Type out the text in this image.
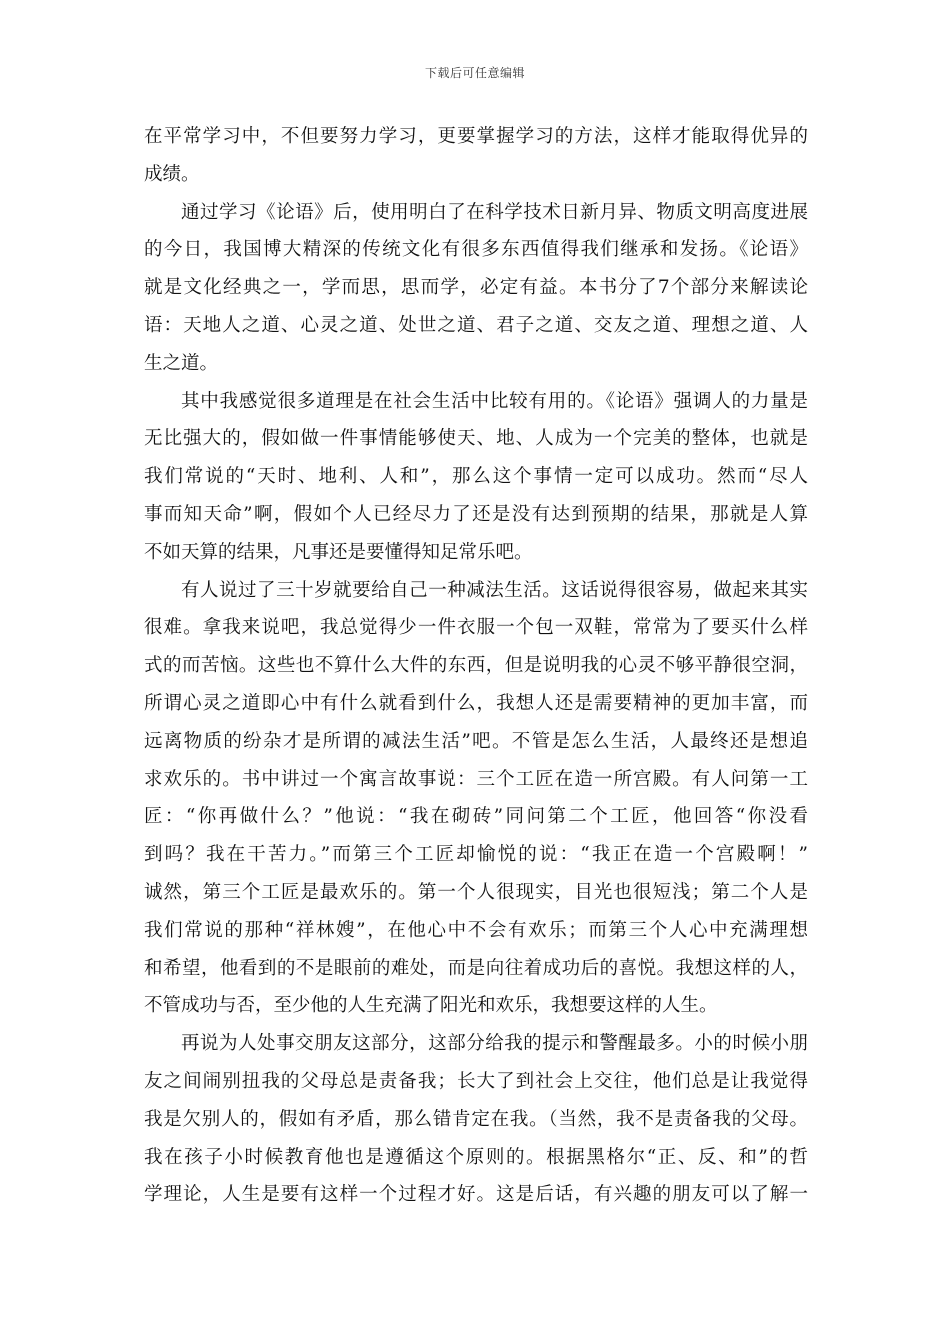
下载后可任意编辑
在平常学习中，不但要努力学习，更要掌握学习的方法，这样才能取得优异的
成绩。
通过学习《论语》后，使用明白了在科学技术日新月异、物质文明高度进展
的今日，我国博大精深的传统文化有很多东西值得我们继承和发扬。《论语》
就是文化经典之一，学而思，思而学，必定有益。本书分了7个部分来解读论
语：天地人之道、心灵之道、处世之道、君子之道、交友之道、理想之道、人
生之道。
其中我感觉很多道理是在社会生活中比较有用的。《论语》强调人的力量是
无比强大的，假如做一件事情能够使天、地、人成为一个完美的整体，也就是
我们常说的“天时、地利、人和”，那么这个事情一定可以成功。然而“尽人
事而知天命”啊，假如个人已经尽力了还是没有达到预期的结果，那就是人算
不如天算的结果，凡事还是要懂得知足常乐吧。
有人说过了三十岁就要给自己一种减法生活。这话说得很容易，做起来其实
很难。拿我来说吧，我总觉得少一件衣服一个包一双鞋，常常为了要买什么样
式的而苦恼。这些也不算什么大件的东西，但是说明我的心灵不够平静很空洞，
所谓心灵之道即心中有什么就看到什么，我想人还是需要精神的更加丰富，而
远离物质的纷杂才是所谓的减法生活”吧。不管是怎么生活，人最终还是想追
求欢乐的。书中讲过一个寓言故事说：三个工匠在造一所宫殿。有人问第一工
匠：“你再做什么？”他说：“我在砌砖”同问第二个工匠，他回答“你没看
到吗？我在干苦力。”而第三个工匠却愉悦的说：“我正在造一个宫殿啊！”
诚然，第三个工匠是最欢乐的。第一个人很现实，目光也很短浅；第二个人是
我们常说的那种“祥林嫂”，在他心中不会有欢乐；而第三个人心中充满理想
和希望，他看到的不是眼前的难处，而是向往着成功后的喜悦。我想这样的人，
不管成功与否，至少他的人生充满了阳光和欢乐，我想要这样的人生。
再说为人处事交朋友这部分，这部分给我的提示和警醒最多。小的时候小朋
友之间闹别扭我的父母总是责备我；长大了到社会上交往，他们总是让我觉得
我是欠别人的，假如有矛盾，那么错肯定在我。（当然，我不是责备我的父母。
我在孩子小时候教育他也是遵循这个原则的。根据黑格尔“正、反、和”的哲
学理论，人生是要有这样一个过程才好。这是后话，有兴趣的朋友可以了解一
